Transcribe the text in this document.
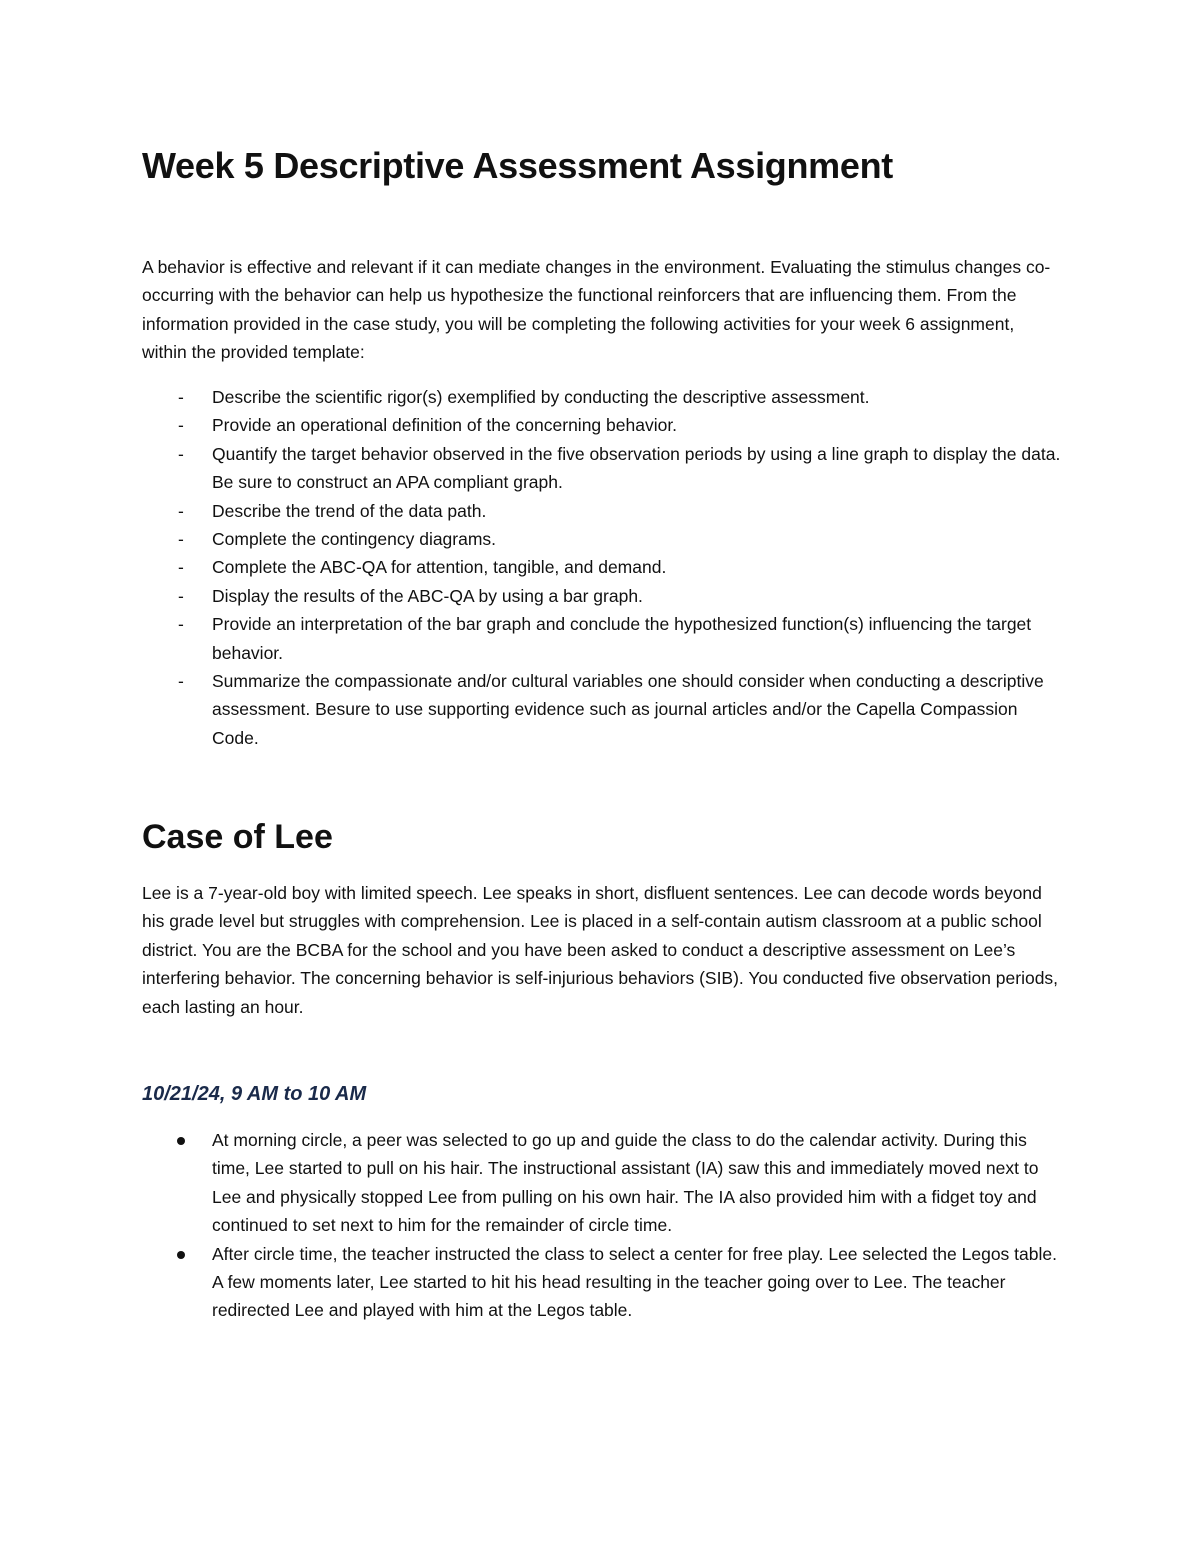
Week 5 Descriptive Assessment Assignment

A behavior is effective and relevant if it can mediate changes in the environment. Evaluating the stimulus changes co-occurring with the behavior can help us hypothesize the functional reinforcers that are influencing them. From the information provided in the case study, you will be completing the following activities for your week 6 assignment, within the provided template:

-	Describe the scientific rigor(s) exemplified by conducting the descriptive assessment.
-	Provide an operational definition of the concerning behavior.
-	Quantify the target behavior observed in the five observation periods by using a line graph to display the data. Be sure to construct an APA compliant graph.
-	Describe the trend of the data path.
-	Complete the contingency diagrams.
-	Complete the ABC-QA for attention, tangible, and demand.
-	Display the results of the ABC-QA by using a bar graph.
-	Provide an interpretation of the bar graph and conclude the hypothesized function(s) influencing the target behavior.
-	Summarize the compassionate and/or cultural variables one should consider when conducting a descriptive assessment. Besure to use supporting evidence such as journal articles and/or the Capella Compassion Code.
Case of Lee

Lee is a 7-year-old boy with limited speech. Lee speaks in short, disfluent sentences. Lee can decode words beyond his grade level but struggles with comprehension. Lee is placed in a self-contain autism classroom at a public school district. You are the BCBA for the school and you have been asked to conduct a descriptive assessment on Lee’s interfering behavior. The concerning behavior is self-injurious behaviors (SIB). You conducted five observation periods, each lasting an hour.

10/21/24, 9 AM to 10 AM
At morning circle, a peer was selected to go up and guide the class to do the calendar activity. During this time, Lee started to pull on his hair. The instructional assistant (IA) saw this and immediately moved next to Lee and physically stopped Lee from pulling on his own hair. The IA also provided him with a fidget toy and continued to set next to him for the remainder of circle time.
After circle time, the teacher instructed the class to select a center for free play. Lee selected the Legos table. A few moments later, Lee started to hit his head resulting in the teacher going over to Lee. The teacher redirected Lee and played with him at the Legos table.
